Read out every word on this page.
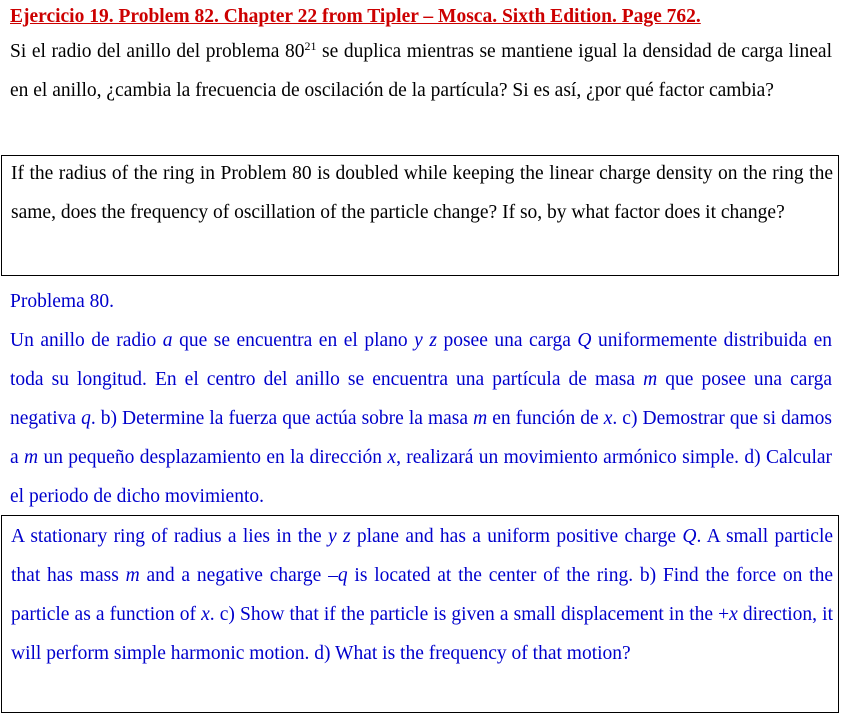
Ejercicio 19. Problem 82. Chapter 22 from Tipler – Mosca. Sixth Edition. Page 762.

Si el radio del anillo del problema $80^{21}$ se duplica mientras se mantiene igual la densidad de carga lineal en el anillo, ¿cambia la frecuencia de oscilación de la partícula? Si es así, ¿por qué factor cambia?

If the radius of the ring in Problem 80 is doubled while keeping the linear charge density on the ring the same, does the frequency of oscillation of the particle change? If so, by what factor does it change?

Problema 80.

Un anillo de radio a que se encuentra en el plano y z posee una carga Q uniformemente distribuida en toda su longitud. En el centro del anillo se encuentra una partícula de masa m que posee una carga negativa q. b) Determine la fuerza que actúa sobre la masa m en función de x. c) Demostrar que si damos a m un pequeño desplazamiento en la dirección x, realizará un movimiento armónico simple. d) Calcular el periodo de dicho movimiento.

A stationary ring of radius a lies in the y z plane and has a uniform positive charge Q. A small particle that has mass m and a negative charge –q is located at the center of the ring. b) Find the force on the particle as a function of x. c) Show that if the particle is given a small displacement in the +x direction, it will perform simple harmonic motion. d) What is the frequency of that motion?
